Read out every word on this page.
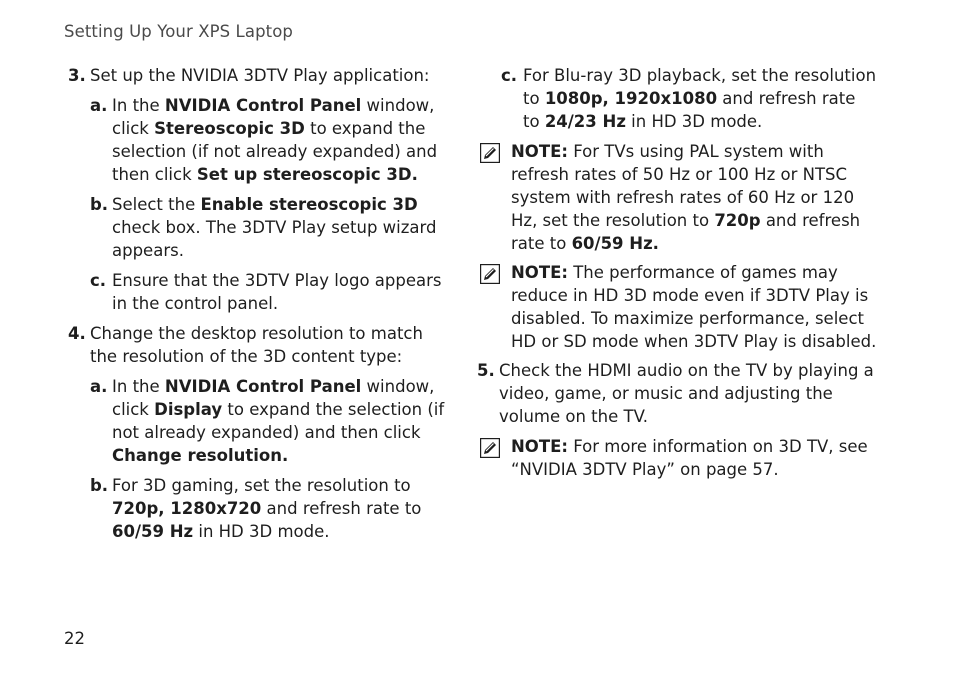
Setting Up Your XPS Laptop
3. Set up the NVIDIA 3DTV Play application:
a. In the NVIDIA Control Panel window, click Stereoscopic 3D to expand the selection (if not already expanded) and then click Set up stereoscopic 3D.
b. Select the Enable stereoscopic 3D check box. The 3DTV Play setup wizard appears.
c. Ensure that the 3DTV Play logo appears in the control panel.
4. Change the desktop resolution to match the resolution of the 3D content type:
a. In the NVIDIA Control Panel window, click Display to expand the selection (if not already expanded) and then click Change resolution.
b. For 3D gaming, set the resolution to 720p, 1280x720 and refresh rate to 60/59 Hz in HD 3D mode.
c. For Blu-ray 3D playback, set the resolution to 1080p, 1920x1080 and refresh rate to 24/23 Hz in HD 3D mode.
NOTE: For TVs using PAL system with refresh rates of 50 Hz or 100 Hz or NTSC system with refresh rates of 60 Hz or 120 Hz, set the resolution to 720p and refresh rate to 60/59 Hz.
NOTE: The performance of games may reduce in HD 3D mode even if 3DTV Play is disabled. To maximize performance, select HD or SD mode when 3DTV Play is disabled.
5. Check the HDMI audio on the TV by playing a video, game, or music and adjusting the volume on the TV.
NOTE: For more information on 3D TV, see “NVIDIA 3DTV Play” on page 57.
22
